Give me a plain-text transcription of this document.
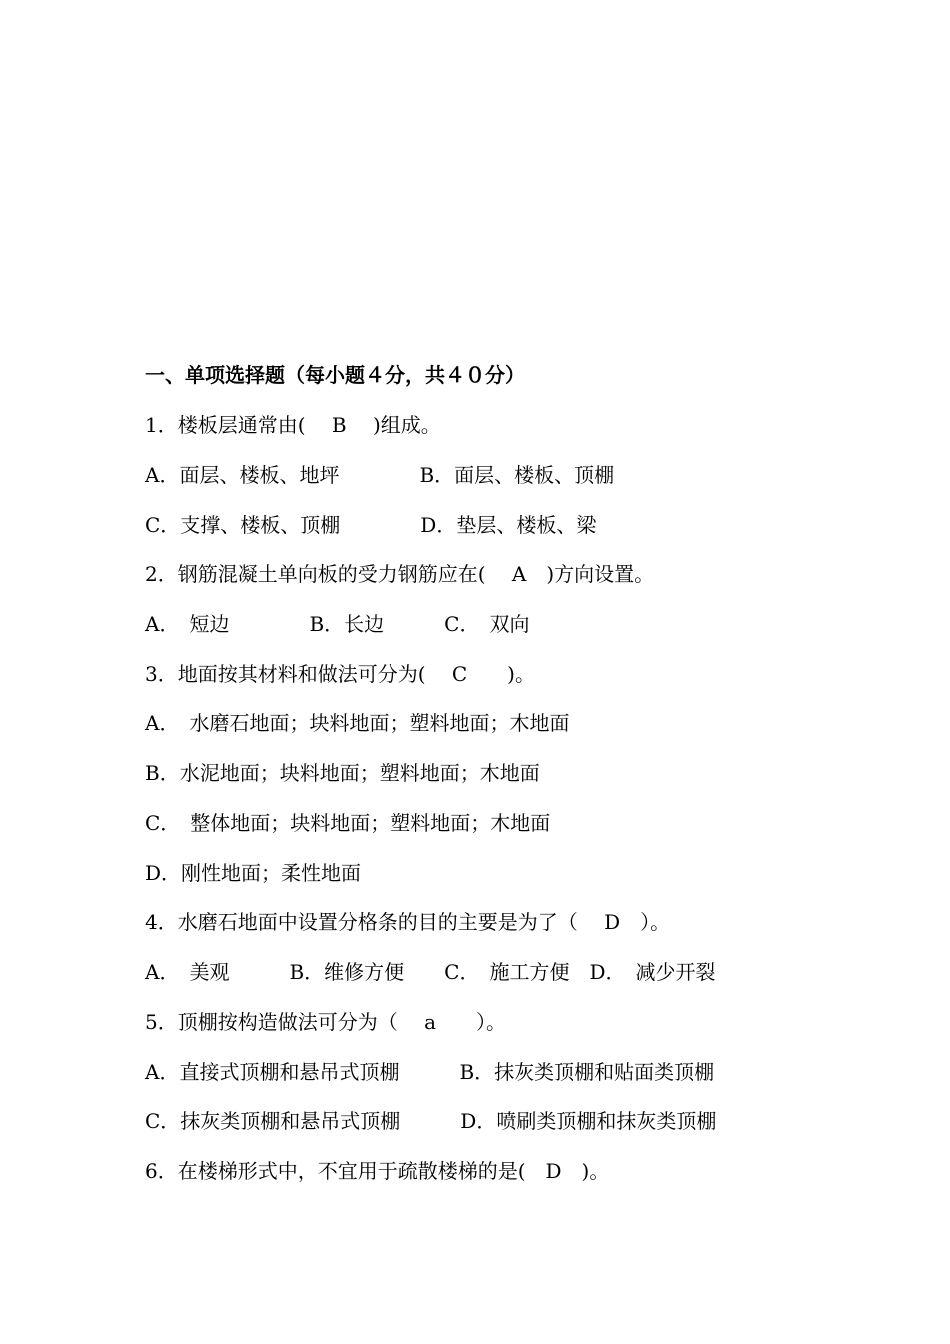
一、单项选择题（每小题４分，共４０分）
1．楼板层通常由(　 B　 )组成。
A．面层、楼板、地坪　　　　B．面层、楼板、顶棚
C．支撑、楼板、顶棚　　　　D．垫层、楼板、梁
2．钢筋混凝土单向板的受力钢筋应在(　 A　)方向设置。
A．　短边　　　　B．长边　　　C．　双向
3．地面按其材料和做法可分为(　 C　　)。
A．　水磨石地面；块料地面；塑料地面；木地面
B．水泥地面；块料地面；塑料地面；木地面
C．　整体地面；块料地面；塑料地面；木地面
D．刚性地面；柔性地面
4．水磨石地面中设置分格条的目的主要是为了（　 D　）。
A．　美观　　　B．维修方便　　C．　施工方便　D．　减少开裂
5．顶棚按构造做法可分为（　 a　　）。
A．直接式顶棚和悬吊式顶棚　　　B．抹灰类顶棚和贴面类顶棚
C．抹灰类顶棚和悬吊式顶棚　　　D．喷刷类顶棚和抹灰类顶棚
6．在楼梯形式中，不宜用于疏散楼梯的是(　D　)。
